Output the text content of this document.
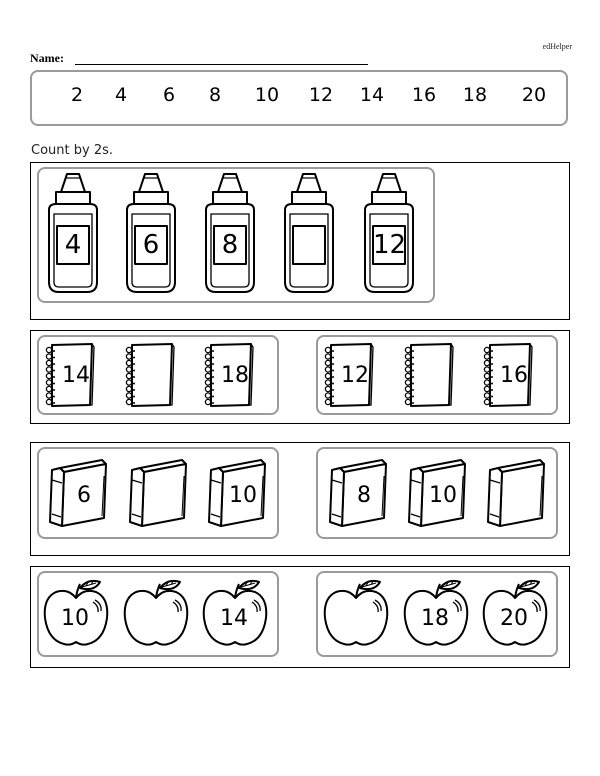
edHelper
Name:
2	4	6	8	10	12	14	16	18	20
Count by 2s.
4 6 8	12
14	18	12	16
6	10	8	10
10	14	18	20
